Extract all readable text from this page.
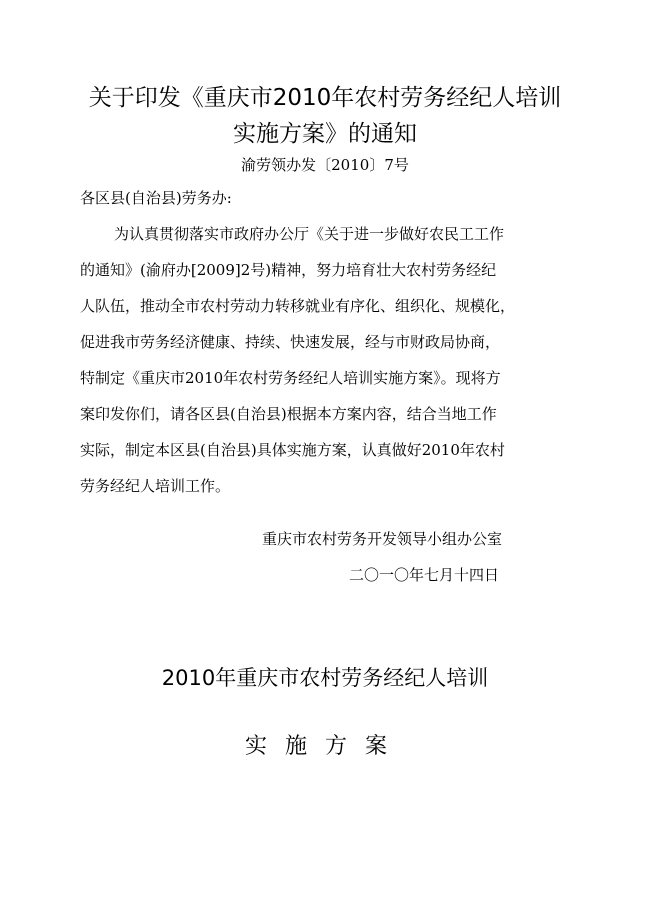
关于印发《重庆市2010年农村劳务经纪人培训
实施方案》的通知
渝劳领办发〔2010〕7号
各区县(自治县)劳务办:
为认真贯彻落实市政府办公厅《关于进一步做好农民工工作
的通知》(渝府办[2009]2号)精神，努力培育壮大农村劳务经纪
人队伍，推动全市农村劳动力转移就业有序化、组织化、规模化，
促进我市劳务经济健康、持续、快速发展，经与市财政局协商，
特制定《重庆市2010年农村劳务经纪人培训实施方案》。现将方
案印发你们，请各区县(自治县)根据本方案内容，结合当地工作
实际，制定本区县(自治县)具体实施方案，认真做好2010年农村
劳务经纪人培训工作。
重庆市农村劳务开发领导小组办公室
二〇一〇年七月十四日
2010年重庆市农村劳务经纪人培训
实施方案
